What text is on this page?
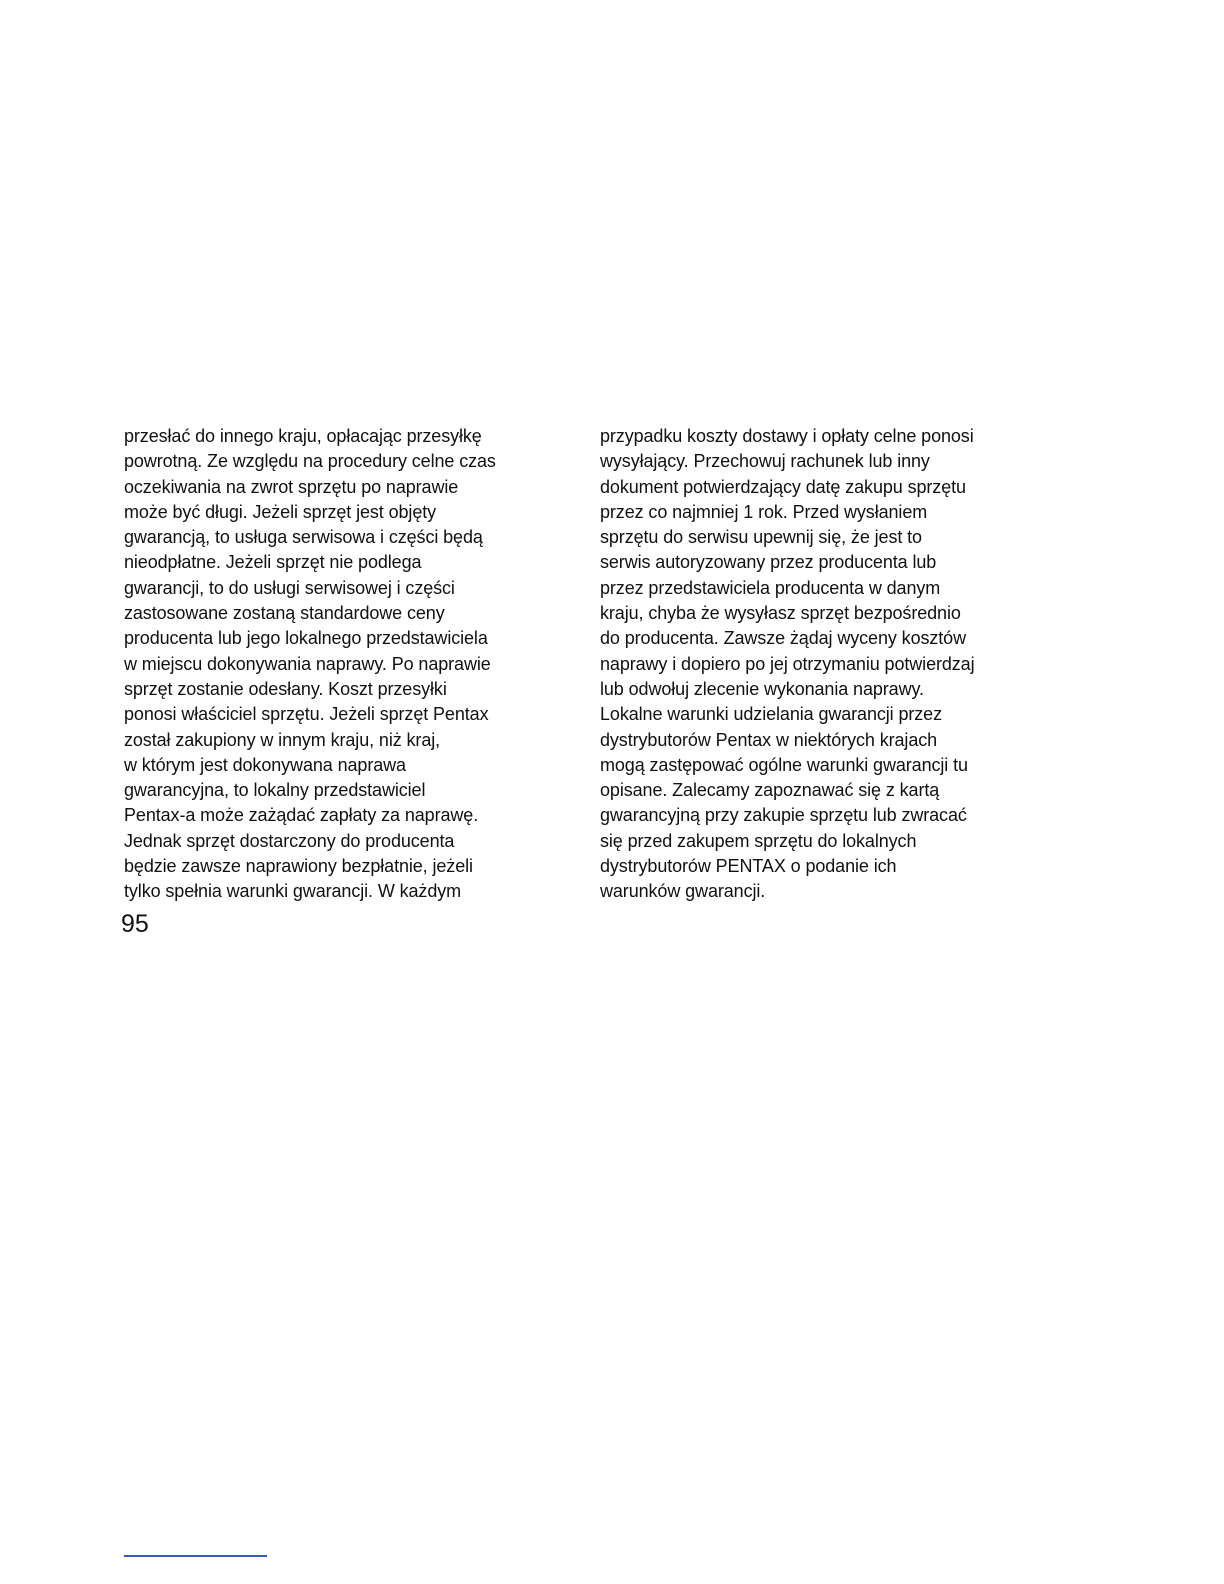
przesłać do innego kraju, opłacając przesyłkę
powrotną. Ze względu na procedury celne czas
oczekiwania na zwrot sprzętu po naprawie
może być długi. Jeżeli sprzęt jest objęty
gwarancją, to usługa serwisowa i części będą
nieodpłatne. Jeżeli sprzęt nie podlega
gwarancji, to do usługi serwisowej i części
zastosowane zostaną standardowe ceny
producenta lub jego lokalnego przedstawiciela
w miejscu dokonywania naprawy. Po naprawie
sprzęt zostanie odesłany. Koszt przesyłki
ponosi właściciel sprzętu. Jeżeli sprzęt Pentax
został zakupiony w innym kraju, niż kraj,
w którym jest dokonywana naprawa
gwarancyjna, to lokalny przedstawiciel
Pentax-a może zażądać zapłaty za naprawę.
Jednak sprzęt dostarczony do producenta
będzie zawsze naprawiony bezpłatnie, jeżeli
tylko spełnia warunki gwarancji. W każdym
przypadku koszty dostawy i opłaty celne ponosi
wysyłający. Przechowuj rachunek lub inny
dokument potwierdzający datę zakupu sprzętu
przez co najmniej 1 rok. Przed wysłaniem
sprzętu do serwisu upewnij się, że jest to
serwis autoryzowany przez producenta lub
przez przedstawiciela producenta w danym
kraju, chyba że wysyłasz sprzęt bezpośrednio
do producenta. Zawsze żądaj wyceny kosztów
naprawy i dopiero po jej otrzymaniu potwierdzaj
lub odwołuj zlecenie wykonania naprawy.
Lokalne warunki udzielania gwarancji przez
dystrybutorów Pentax w niektórych krajach
mogą zastępować ogólne warunki gwarancji tu
opisane. Zalecamy zapoznawać się z kartą
gwarancyjną przy zakupie sprzętu lub zwracać
się przed zakupem sprzętu do lokalnych
dystrybutorów PENTAX o podanie ich
warunków gwarancji.
95
